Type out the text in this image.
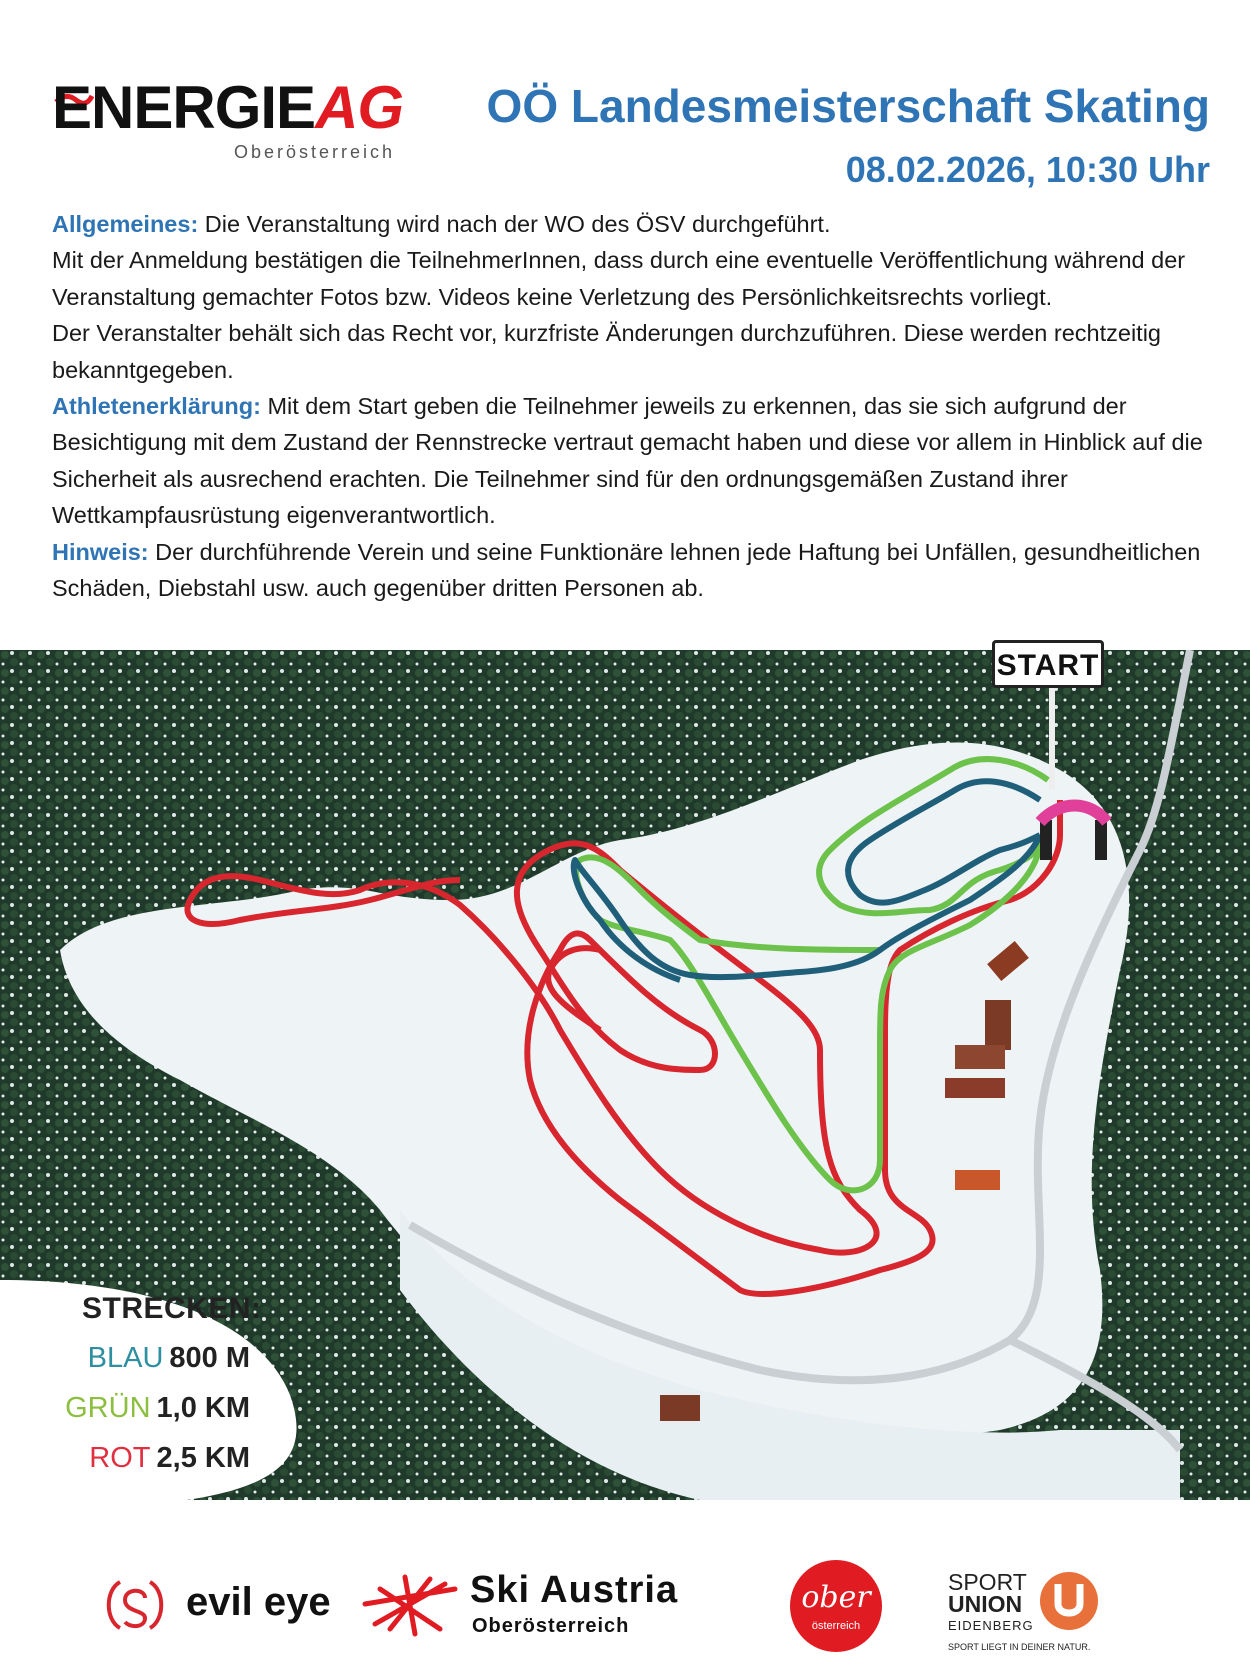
ENERGIEAG
Oberösterreich
OÖ Landesmeisterschaft Skating
08.02.2026, 10:30 Uhr

Allgemeines: Die Veranstaltung wird nach der WO des ÖSV durchgeführt.

Mit der Anmeldung bestätigen die TeilnehmerInnen, dass durch eine eventuelle Veröffentlichung während der Veranstaltung gemachter Fotos bzw. Videos keine Verletzung des Persönlichkeitsrechts vorliegt.

Der Veranstalter behält sich das Recht vor, kurzfriste Änderungen durchzuführen. Diese werden rechtzeitig bekanntgegeben.

Athletenerklärung: Mit dem Start geben die Teilnehmer jeweils zu erkennen, das sie sich aufgrund der Besichtigung mit dem Zustand der Rennstrecke vertraut gemacht haben und diese vor allem in Hinblick auf die Sicherheit als ausrechend erachten. Die Teilnehmer sind für den ordnungsgemäßen Zustand ihrer Wettkampfausrüstung eigenverantwortlich.

Hinweis: Der durchführende Verein und seine Funktionäre lehnen jede Haftung bei Unfällen, gesundheitlichen Schäden, Diebstahl usw. auch gegenüber dritten Personen ab.

STRECKEN:
BLAU 800 M
GRÜN 1,0 KM
ROT 2,5 KM
START
evil eye	Ski Austria
Oberösterreich
ober
österreich
SPORT
UNION
EIDENBERG
SPORT LIEGT IN DEINER NATUR.
